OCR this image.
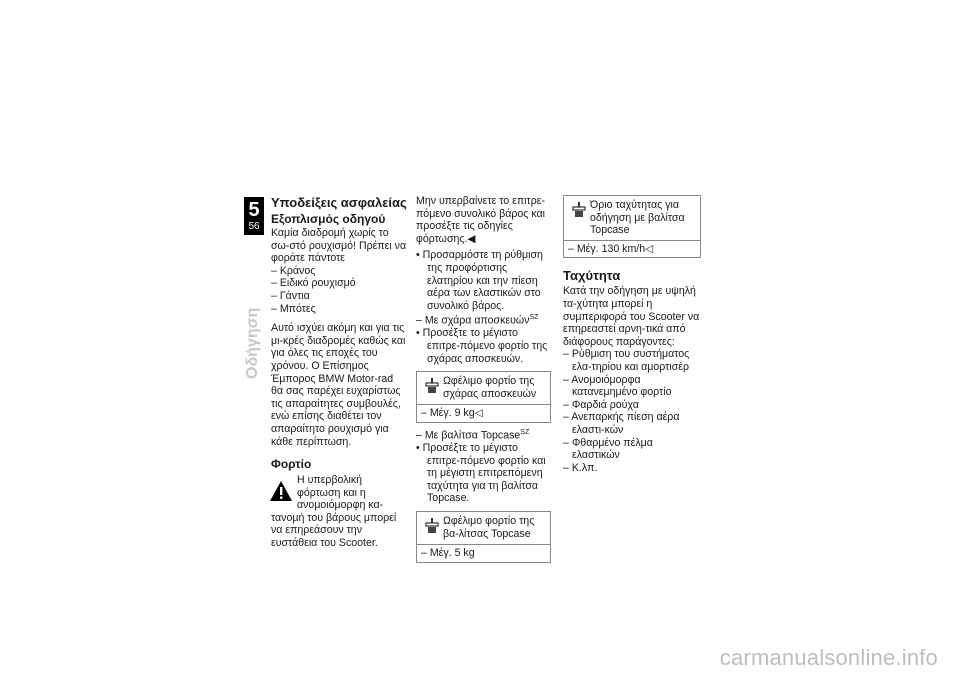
5
56
Οδήγηση
Υποδείξεις ασφαλείας
Εξοπλισμός οδηγού

Καμία διαδρομή χωρίς το σω-στό ρουχισμό! Πρέπει να φοράτε πάντοτε

– Κράνος

– Ειδικό ρουχισμό

– Γάντια

– Μπότες

Αυτό ισχύει ακόμη και για τις μι-κρές διαδρομές καθώς και για όλες τις εποχές του χρόνου. Ο Επίσημος Έμπορος BMW Motor-rad θα σας παρέχει ευχαρίστως τις απαραίτητες συμβουλές, ενώ επίσης διαθέτει τον απαραίτητο ρουχισμό για κάθε περίπτωση.

Φορτίο

Η υπερβολική φόρτωση και η ανομοιόμορφη κα-τανομή του βάρους μπορεί να επηρεάσουν την ευστάθεια του Scooter.

Μην υπερβαίνετε το επιτρε-πόμενο συνολικό βάρος και προσέξτε τις οδηγίες φόρτωσης.◀

• Προσαρμόστε τη ρύθμιση της προφόρτισης ελατηρίου και την πίεση αέρα των ελαστικών στο συνολικό βάρος.

– Με σχάρα αποσκευών$^{SZ}$

• Προσέξτε το μέγιστο επιτρε-πόμενο φορτίο της σχάρας αποσκευών.

Ωφέλιμο φορτίο της σχάρας αποσκευών

– Μέγ. 9 kg◁

– Με βαλίτσα Topcase$^{SZ}$

• Προσέξτε το μέγιστο επιτρε-πόμενο φορτίο και τη μέγιστη επιτρεπόμενη ταχύτητα για τη βαλίτσα Topcase.

Ωφέλιμο φορτίο της βα-λίτσας Topcase

– Μέγ. 5 kg

Όριο ταχύτητας για οδήγηση με βαλίτσα Topcase

– Μέγ. 130 km/h◁
Ταχύτητα

Κατά την οδήγηση με υψηλή τα-χύτητα μπορεί η συμπεριφορά του Scooter να επηρεαστεί αρνη-τικά από διάφορους παράγοντες:

– Ρύθμιση του συστήματος ελα-τηρίου και αμορτισέρ

– Ανομοιόμορφα κατανεμημένο φορτίο

– Φαρδιά ρούχα

– Ανεπαρκής πίεση αέρα ελαστι-κών

– Φθαρμένο πέλμα ελαστικών

– Κ.λπ.

carmanualsonline.info
